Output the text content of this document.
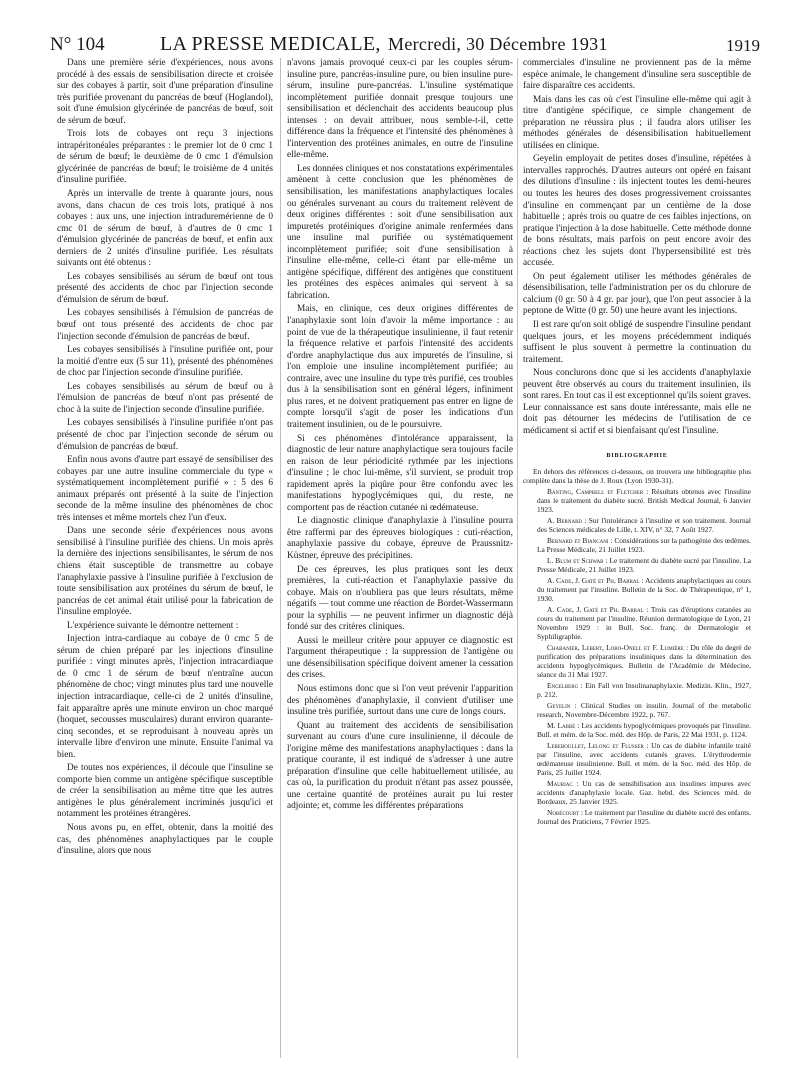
N° 104	LA PRESSE MEDICALE, Mercredi, 30 Décembre 1931	1919

Dans une première série d'expériences, nous avons procédé à des essais de sensibilisation directe et croisée sur des cobayes à partir, soit d'une préparation d'insuline très purifiée provenant du pancréas de bœuf (Hoglandol), soit d'une émulsion glycérinée de pancréas de bœuf, soit de sérum de bœuf.

Trois lots de cobayes ont reçu 3 injections intrapéritonéales préparantes : le premier lot de 0 cmc 1 de sérum de bœuf; le deuxième de 0 cmc 1 d'émulsion glycérinée de pancréas de bœuf; le troisième de 4 unités d'insuline purifiée.

Après un intervalle de trente à quarante jours, nous avons, dans chacun de ces trois lots, pratiqué à nos cobayes : aux uns, une injection intraduremérienne de 0 cmc 01 de sérum de bœuf, à d'autres de 0 cmc 1 d'émulsion glycérinée de pancréas de bœuf, et enfin aux derniers de 2 unités d'insuline purifiée. Les résultats suivants ont été obtenus :

Les cobayes sensibilisés au sérum de bœuf ont tous présenté des accidents de choc par l'injection seconde d'émulsion de sérum de bœuf.

Les cobayes sensibilisés à l'émulsion de pancréas de bœuf ont tous présenté des accidents de choc par l'injection seconde d'émulsion de pancréas de bœuf.

Les cobayes sensibilisés à l'insuline purifiée ont, pour la moitié d'entre eux (5 sur 11), présenté des phénomènes de choc par l'injection seconde d'insuline purifiée.

Les cobayes sensibilisés au sérum de bœuf ou à l'émulsion de pancréas de bœuf n'ont pas présenté de choc à la suite de l'injection seconde d'insuline purifiée.

Les cobayes sensibilisés à l'insuline purifiée n'ont pas présenté de choc par l'injection seconde de sérum ou d'émulsion de pancréas de bœuf.

Enfin nous avons d'autre part essayé de sensibiliser des cobayes par une autre insuline commerciale du type « systématiquement incomplètement purifié » : 5 des 6 animaux préparés ont présenté à la suite de l'injection seconde de la même insuline des phénomènes de choc très intenses et même mortels chez l'un d'eux.

Dans une seconde série d'expériences nous avons sensibilisé à l'insuline purifiée des chiens. Un mois après la dernière des injections sensibilisantes, le sérum de nos chiens était susceptible de transmettre au cobaye l'anaphylaxie passive à l'insuline purifiée à l'exclusion de toute sensibilisation aux protéines du sérum de bœuf, le pancréas de cet animal était utilisé pour la fabrication de l'insuline employée.

L'expérience suivante le démontre nettement :

Injection intra-cardiaque au cobaye de 0 cmc 5 de sérum de chien préparé par les injections d'insuline purifiée : vingt minutes après, l'injection intracardiaque de 0 cmc 1 de sérum de bœuf n'entraîne aucun phénomène de choc; vingt minutes plus tard une nouvelle injection intracardiaque, celle-ci de 2 unités d'insuline, fait apparaître après une minute environ un choc marqué (hoquet, secousses musculaires) durant environ quarante-cinq secondes, et se reproduisant à nouveau après un intervalle libre d'environ une minute. Ensuite l'animal va bien.

De toutes nos expériences, il découle que l'insuline se comporte bien comme un antigène spécifique susceptible de créer la sensibilisation au même titre que les autres antigènes le plus généralement incriminés jusqu'ici et notamment les protéines étrangères.

Nous avons pu, en effet, obtenir, dans la moitié des cas, des phénomènes anaphylactiques par le couple d'insuline, alors que nous

n'avons jamais provoqué ceux-ci par les couples sérum-insuline pure, pancréas-insuline pure, ou bien insuline pure-sérum, insuline pure-pancréas. L'insuline systématique incomplètement purifiée donnait presque toujours une sensibilisation et déclenchait des accidents beaucoup plus intenses : on devait attribuer, nous semble-t-il, cette différence dans la fréquence et l'intensité des phénomènes à l'intervention des protéines animales, en outre de l'insuline elle-même.

Les données cliniques et nos constatations expérimentales amènent à cette conclusion que les phénomènes de sensibilisation, les manifestations anaphylactiques locales ou générales survenant au cours du traitement relèvent de deux origines différentes : soit d'une sensibilisation aux impuretés protéiniques d'origine animale renfermées dans une insuline mal purifiée ou systématiquement incomplètement purifiée; soit d'une sensibilisation à l'insuline elle-même, celle-ci étant par elle-même un antigène spécifique, différent des antigènes que constituent les protéines des espèces animales qui servent à sa fabrication.

Mais, en clinique, ces deux origines différentes de l'anaphylaxie sont loin d'avoir la même importance : au point de vue de la thérapeutique insulinienne, il faut retenir la fréquence relative et parfois l'intensité des accidents d'ordre anaphylactique dus aux impuretés de l'insuline, si l'on emploie une insuline incomplètement purifiée; au contraire, avec une insuline du type très purifié, ces troubles dus à la sensibilisation sont en général légers, infiniment plus rares, et ne doivent pratiquement pas entrer en ligne de compte lorsqu'il s'agit de poser les indications d'un traitement insulinien, ou de le poursuivre.

Si ces phénomènes d'intolérance apparaissent, la diagnostic de leur nature anaphylactique sera toujours facile en raison de leur périodicité rythmée par les injections d'insuline ; le choc lui-même, s'il survient, se produit trop rapidement après la piqûre pour être confondu avec les manifestations hypoglycémiques qui, du reste, ne comportent pas de réaction cutanée ni œdémateuse.

Le diagnostic clinique d'anaphylaxie à l'insuline pourra être raffermi par des épreuves biologiques : cuti-réaction, anaphylaxie passive du cobaye, épreuve de Praussnitz-Küstner, épreuve des précipitines.

De ces épreuves, les plus pratiques sont les deux premières, la cuti-réaction et l'anaphylaxie passive du cobaye. Mais on n'oubliera pas que leurs résultats, même négatifs — tout comme une réaction de Bordet-Wassermann pour la syphilis — ne peuvent infirmer un diagnostic déjà fondé sur des critères cliniques.

Aussi le meilleur critère pour appuyer ce diagnostic est l'argument thérapeutique : la suppression de l'antigène ou une désensibilisation spécifique doivent amener la cessation des crises.

Nous estimons donc que si l'on veut prévenir l'apparition des phénomènes d'anaphylaxie, il convient d'utiliser une insuline très purifiée, surtout dans une cure de longs cours.

Quant au traitement des accidents de sensibilisation survenant au cours d'une cure insulinienne, il découle de l'origine même des manifestations anaphylactiques : dans la pratique courante, il est indiqué de s'adresser à une autre préparation d'insuline que celle habituellement utilisée, au cas où, la purification du produit n'étant pas assez poussée, une certaine quantité de protéines aurait pu lui rester adjointe; et, comme les différentes préparations

commerciales d'insuline ne proviennent pas de la même espèce animale, le changement d'insuline sera susceptible de faire disparaître ces accidents.

Mais dans les cas où c'est l'insuline elle-même qui agit à titre d'antigène spécifique, ce simple changement de préparation ne réussira plus ; il faudra alors utiliser les méthodes générales de désensibilisation habituellement utilisées en clinique.

Geyelin employait de petites doses d'insuline, répétées à intervalles rapprochés. D'autres auteurs ont opéré en faisant des dilutions d'insuline : ils injectent toutes les demi-heures ou toutes les heures des doses progressivement croissantes d'insuline en commençant par un centième de la dose habituelle ; après trois ou quatre de ces faibles injections, on pratique l'injection à la dose habituelle. Cette méthode donne de bons résultats, mais parfois on peut encore avoir des réactions chez les sujets dont l'hypersensibilité est très accusée.

On peut également utiliser les méthodes générales de désensibilisation, telle l'administration per os du chlorure de calcium (0 gr. 50 à 4 gr. par jour), que l'on peut associer à la peptone de Witte (0 gr. 50) une heure avant les injections.

Il est rare qu'on soit obligé de suspendre l'insuline pendant quelques jours, et les moyens précédemment indiqués suffisent le plus souvent à permettre la continuation du traitement.

Nous conclurons donc que si les accidents d'anaphylaxie peuvent être observés au cours du traitement insulinien, ils sont rares. En tout cas il est exceptionnel qu'ils soient graves. Leur connaissance est sans doute intéressante, mais elle ne doit pas détourner les médecins de l'utilisation de ce médicament si actif et si bienfaisant qu'est l'insuline.

BIBLIOGRAPHIE

En dehors des références ci-dessous, on trouvera une bibliographie plus complète dans la thèse de J. Roux (Lyon 1930-31).

Banting, Campbell et Fletcher : Résultats obtenus avec l'insuline dans le traitement du diabète sucré. British Medical Journal, 6 Janvier 1923.

A. Bernard : Sur l'intolérance à l'insuline et son traitement. Journal des Sciences médicales de Lille, t. XIV, n° 32, 7 Août 1927.

Bernard et Biancani : Considérations sur la pathogénie des œdèmes. La Presse Médicale, 21 Juillet 1923.

L. Blum et Schwab : Le traitement du diabète sucré par l'insuline. La Presse Médicale, 21 Juillet 1923.

A. Cade, J. Gaté et Ph. Barral : Accidents anaphylactiques au cours du traitement par l'insuline. Bulletin de la Soc. de Thérapeutique, n° 1, 1930.

A. Cade, J. Gaté et Ph. Barral : Trois cas d'éruptions cutanées au cours du traitement par l'insuline. Réunion dermatologique de Lyon, 21 Novembre 1929 : in Bull. Soc. franç. de Dermatologie et Syphiligraphie.

Chabanier, Lebert, Lobo-Onell et F. Lumière : Du rôle du degré de purification des préparations insuliniques dans la détermination des accidents hypoglycémiques. Bulletin de l'Académie de Médecine, séance du 31 Mai 1927.

Engelberg : Ein Fall von Insulinanaphylaxie. Medizin. Klin., 1927, p. 212.

Geyelin : Clinical Studies on insulin. Journal of the metabolic research, Novembre-Décembre 1922, p. 767.

M. Labbé : Les accidents hypoglycémiques provoqués par l'insuline. Bull. et mém. de la Soc. méd. des Hôp. de Paris, 22 Mai 1931, p. 1124.

Lereboullet, Lelong et Flusser : Un cas de diabète infantile traité par l'insuline, avec accidents cutanés graves. L'érythrodermie œdémateuse insulinienne. Bull. et mém. de la Soc. méd. des Hôp. de Paris, 25 Juillet 1924.

Mauriac : Un cas de sensibilisation aux insulines impures avec accidents d'anaphylaxie locale. Gaz. hebd. des Sciences méd. de Bordeaux, 25 Janvier 1925.

Nobécourt : Le traitement par l'insuline du diabète sucré des enfants. Journal des Praticiens, 7 Février 1925.
